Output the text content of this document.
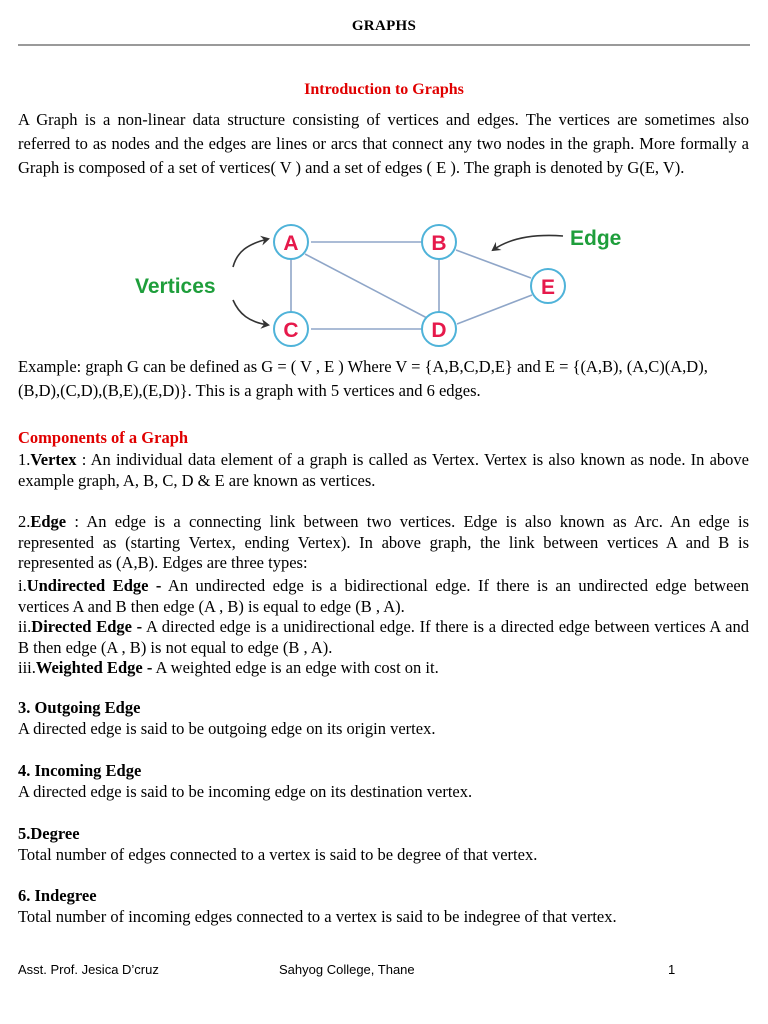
GRAPHS
Introduction to Graphs

A Graph is a non-linear data structure consisting of vertices and edges. The vertices are sometimes also referred to as nodes and the edges are lines or arcs that connect any two nodes in the graph. More formally a Graph is composed of a set of vertices( V ) and a set of edges ( E ). The graph is denoted by G(E, V).

A	B
C	D
E
Vertices
Edge

Example: graph G can be defined as G = ( V , E ) Where V = {A,B,C,D,E} and E = {(A,B), (A,C)(A,D),(B,D),(C,D),(B,E),(E,D)}. This is a graph with 5 vertices and 6 edges.

Components of a Graph
1.Vertex : An individual data element of a graph is called as Vertex. Vertex is also known as node. In above example graph, A, B, C, D & E are known as vertices.
2.Edge : An edge is a connecting link between two vertices. Edge is also known as Arc. An edge is represented as (starting Vertex, ending Vertex). In above graph, the link between vertices A and B is represented as (A,B). Edges are three types:
i.Undirected Edge - An undirected edge is a bidirectional edge. If there is an undirected edge between vertices A and B then edge (A , B) is equal to edge (B , A).
ii.Directed Edge - A directed edge is a unidirectional edge. If there is a directed edge between vertices A and B then edge (A , B) is not equal to edge (B , A).
iii.Weighted Edge - A weighted edge is an edge with cost on it.

3. Outgoing Edge

A directed edge is said to be outgoing edge on its origin vertex.

4. Incoming Edge

A directed edge is said to be incoming edge on its destination vertex.

5.Degree

Total number of edges connected to a vertex is said to be degree of that vertex.

6. Indegree

Total number of incoming edges connected to a vertex is said to be indegree of that vertex.

Asst. Prof. Jesica D’cruz	Sahyog College, Thane	1
